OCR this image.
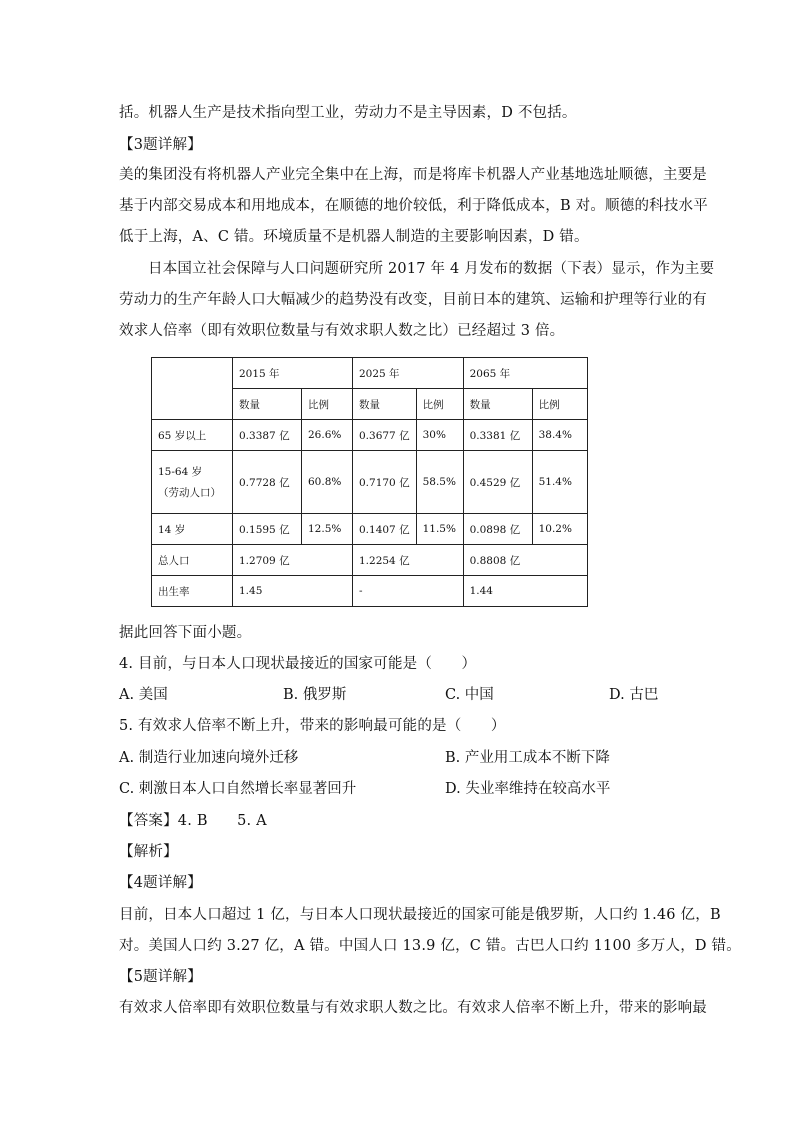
括。机器人生产是技术指向型工业，劳动力不是主导因素，D 不包括。
【3题详解】
美的集团没有将机器人产业完全集中在上海，而是将库卡机器人产业基地选址顺德，主要是
基于内部交易成本和用地成本，在顺德的地价较低，利于降低成本，B 对。顺德的科技水平
低于上海，A、C 错。环境质量不是机器人制造的主要影响因素，D 错。
日本国立社会保障与人口问题研究所 2017 年 4 月发布的数据（下表）显示，作为主要
劳动力的生产年龄人口大幅减少的趋势没有改变，目前日本的建筑、运输和护理等行业的有
效求人倍率（即有效职位数量与有效求职人数之比）已经超过 3 倍。
	2015 年		2025 年		2065 年	
	数量	比例	数量	比例	数量	比例
65 岁以上	0.3387 亿	26.6%	0.3677 亿	30%	0.3381 亿	38.4%

15-64 岁
（劳动人口）	0.7728 亿	60.8%	0.7170 亿	58.5%	0.4529 亿	51.4%
14 岁	0.1595 亿	12.5%	0.1407 亿	11.5%	0.0898 亿	10.2%
总人口	1.2709 亿		1.2254 亿		0.8808 亿	
出生率	1.45		-		1.44	
据此回答下面小题。
4. 目前，与日本人口现状最接近的国家可能是（　　）
A. 美国	B. 俄罗斯	C. 中国	D. 古巴
5. 有效求人倍率不断上升，带来的影响最可能的是（　　）
A. 制造行业加速向境外迁移	B. 产业用工成本不断下降
C. 刺激日本人口自然增长率显著回升	D. 失业率维持在较高水平
【答案】4. B　　5. A
【解析】
【4题详解】
目前，日本人口超过 1 亿，与日本人口现状最接近的国家可能是俄罗斯，人口约 1.46 亿，B
对。美国人口约 3.27 亿，A 错。中国人口 13.9 亿，C 错。古巴人口约 1100 多万人，D 错。
【5题详解】
有效求人倍率即有效职位数量与有效求职人数之比。有效求人倍率不断上升，带来的影响最
